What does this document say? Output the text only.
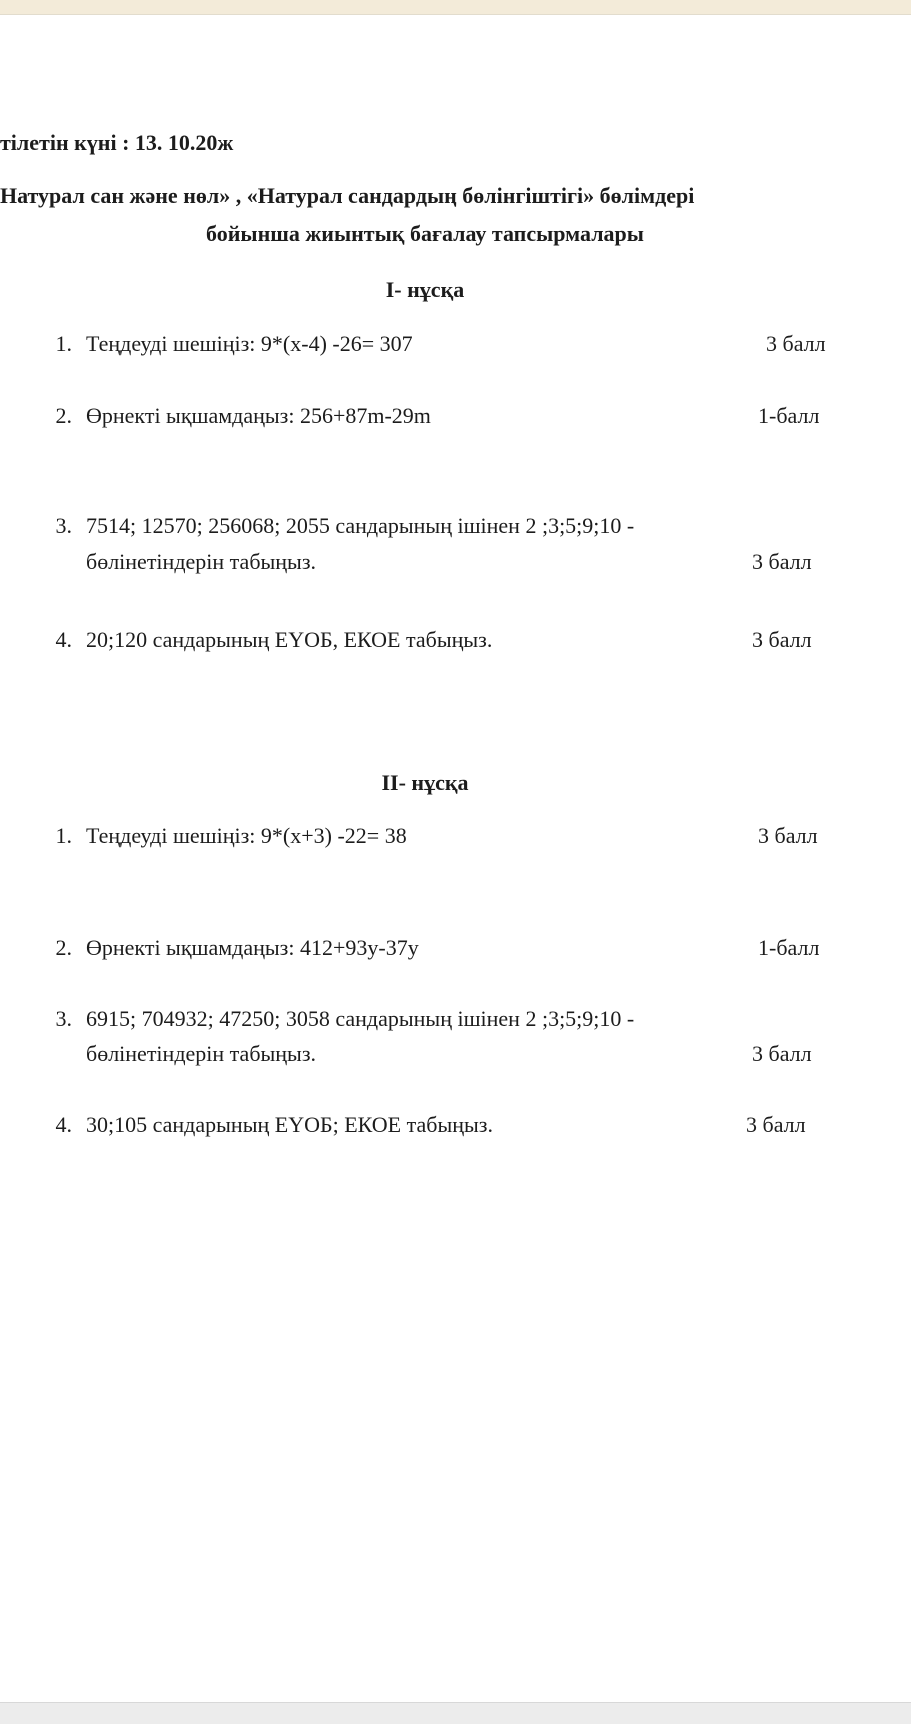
тілетін күні : 13. 10.20ж
Натурал сан және нөл» , «Натурал сандардың бөлінгіштігі» бөлімдері
бойынша жиынтық бағалау тапсырмалары
І- нұсқа
1. Теңдеуді шешіңіз: 9*(x-4) -26= 307	3 балл
2. Өрнекті ықшамдаңыз: 256+87m-29m	1-балл
3. 7514; 12570; 256068; 2055 сандарының ішінен 2 ;3;5;9;10 -
бөлінетіндерін табыңыз.	3 балл
4. 20;120 сандарының ЕҮОБ, ЕКОЕ табыңыз.	3 балл
ІІ- нұсқа
1. Теңдеуді шешіңіз: 9*(x+3) -22= 38	3 балл
2. Өрнекті ықшамдаңыз: 412+93у-37у	1-балл
3. 6915; 704932; 47250; 3058 сандарының ішінен 2 ;3;5;9;10 -
бөлінетіндерін табыңыз.	3 балл
4. 30;105 сандарының ЕҮОБ; ЕКОЕ табыңыз.	3 балл
